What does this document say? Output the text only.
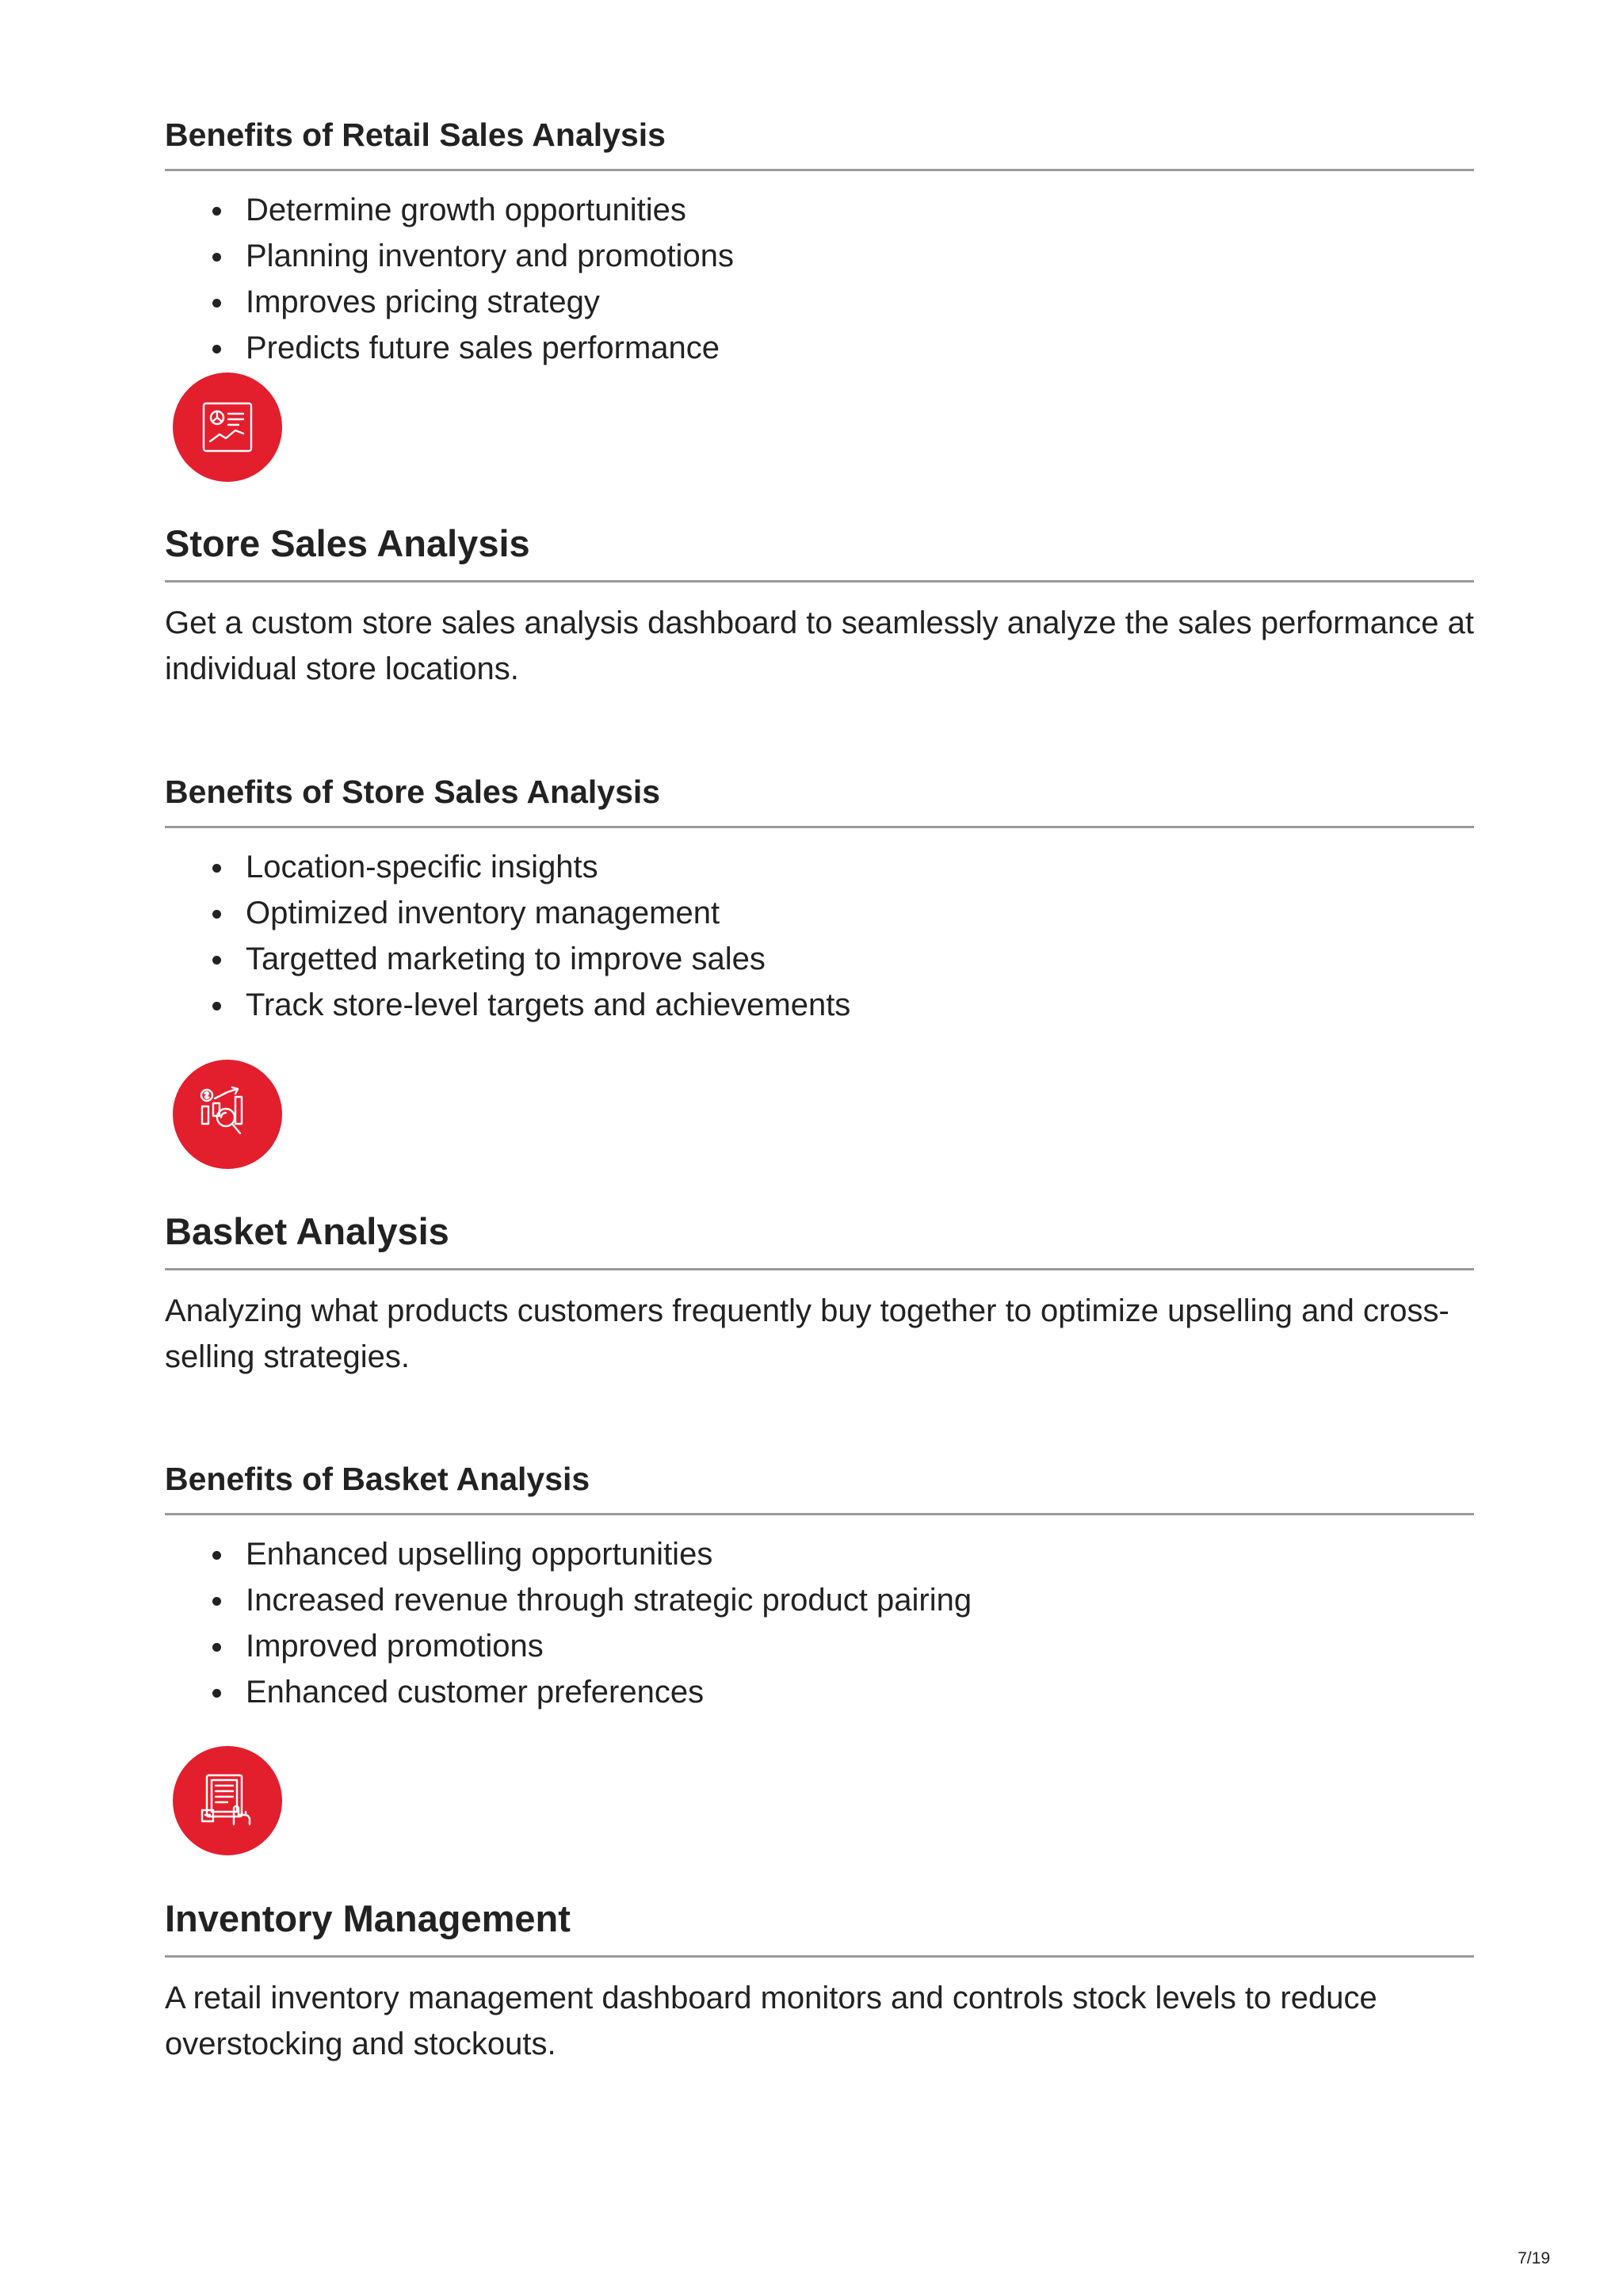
Benefits of Retail Sales Analysis
Determine growth opportunities
Planning inventory and promotions
Improves pricing strategy
Predicts future sales performance
Store Sales Analysis

Get a custom store sales analysis dashboard to seamlessly analyze the sales performance at individual store locations.

Benefits of Store Sales Analysis
Location-specific insights
Optimized inventory management
Targetted marketing to improve sales
Track store-level targets and achievements
Basket Analysis

Analyzing what products customers frequently buy together to optimize upselling and cross-selling strategies.

Benefits of Basket Analysis
Enhanced upselling opportunities
Increased revenue through strategic product pairing
Improved promotions
Enhanced customer preferences
Inventory Management

A retail inventory management dashboard monitors and controls stock levels to reduce overstocking and stockouts.

7/19
